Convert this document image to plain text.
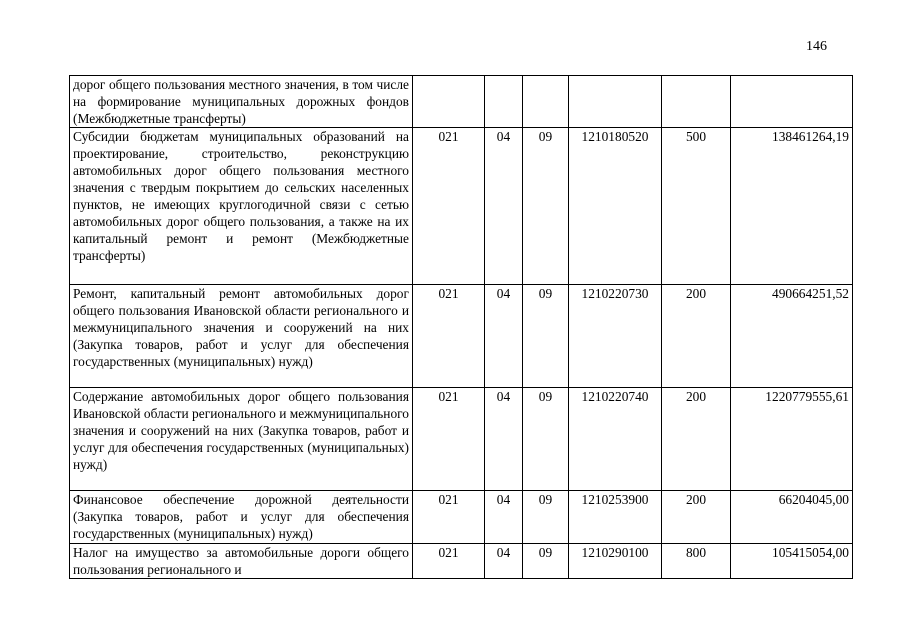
146
дорог общего пользования местного значения, в том числе на формирование муниципальных дорожных фондов (Межбюджетные трансферты)						
Субсидии бюджетам муниципальных образований на проектирование, строительство, реконструкцию автомобильных дорог общего пользования местного значения с твердым покрытием до сельских населенных пунктов, не имеющих круглогодичной связи с сетью автомобильных дорог общего пользования, а также на их капитальный ремонт и ремонт (Межбюджетные трансферты)	021	04	09	1210180520	500	138461264,19
Ремонт, капитальный ремонт автомобильных дорог общего пользования Ивановской области регионального и межмуниципального значения и сооружений на них (Закупка товаров, работ и услуг для обеспечения государственных (муниципальных) нужд)	021	04	09	1210220730	200	490664251,52
Содержание автомобильных дорог общего пользования Ивановской области регионального и межмуниципального значения и сооружений на них (Закупка товаров, работ и услуг для обеспечения государственных (муниципальных) нужд)	021	04	09	1210220740	200	1220779555,61
Финансовое обеспечение дорожной деятельности (Закупка товаров, работ и услуг для обеспечения государственных (муниципальных) нужд)	021	04	09	1210253900	200	66204045,00
Налог на имущество за автомобильные дороги общего пользования регионального и	021	04	09	1210290100	800	105415054,00
